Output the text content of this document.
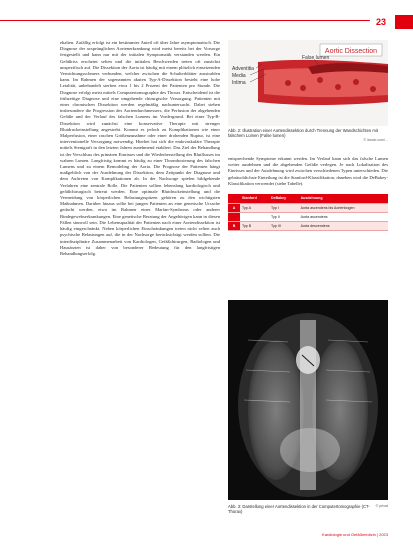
23

ehalten. Zufällig erfolgt ist ein bestimmter Anteil oft über Jahre asymptomatisch. Die Diagnose der ursprünglichen Aortenerkrankung wird meist bereits bei der Vorsorge festgestellt und kann nur mit der initialen Symptomatik verstanden werden. Ein Gefäßriss erscheint selten und die initialen Beschwerden treten oft zunächst unspezifisch auf. Die Dissektion der Aorta ist häufig mit einem plötzlich einsetzenden Vernichtungsschmerz verbunden, welcher zwischen die Schulterblätter ausstrahlen kann. Im Rahmen der sogenannten akuten Typ-A-Dissektion besteht eine hohe Letalität, unbehandelt sterben etwa 1 bis 2 Prozent der Patienten pro Stunde. Die Diagnose erfolgt meist mittels Computertomographie des Thorax. Entscheidend ist die frühzeitige Diagnose und eine umgehende chirurgische Versorgung. Patienten mit einer chronischen Dissektion werden regelmäßig nachuntersucht. Dabei stehen insbesondere die Progression des Aortendurchmessers, die Perfusion der abgehenden Gefäße und der Verlauf des falschen Lumens im Vordergrund. Bei einer Typ-B-Dissektion wird zunächst eine konservative Therapie mit strenger Blutdruckeinstellung angestrebt. Kommt es jedoch zu Komplikationen wie einer Malperfusion, einer raschen Größenzunahme oder einer drohenden Ruptur, ist eine interventionelle Versorgung notwendig. Hierbei hat sich die endovaskuläre Therapie mittels Stentgraft in den letzten Jahren zunehmend etabliert. Das Ziel der Behandlung ist der Verschluss des primären Einrisses und die Wiederherstellung des Blutflusses im wahren Lumen. Langfristig kommt es häufig zu einer Thrombosierung des falschen Lumens und zu einem Remodeling der Aorta. Die Prognose der Patienten hängt maßgeblich von der Ausdehnung der Dissektion, dem Zeitpunkt der Diagnose und dem Auftreten von Komplikationen ab. In der Nachsorge spielen bildgebende Verfahren eine zentrale Rolle. Die Patienten sollten lebenslang kardiologisch und gefäßchirurgisch betreut werden. Eine optimale Blutdruckeinstellung und die Vermeidung von körperlichen Belastungsspitzen gehören zu den wichtigsten Maßnahmen. Darüber hinaus sollte bei jungen Patienten an eine genetische Ursache gedacht werden, etwa im Rahmen eines Marfan-Syndroms oder anderer Bindegewebserkrankungen. Eine genetische Beratung der Angehörigen kann in diesen Fällen sinnvoll sein. Die Lebensqualität der Patienten nach einer Aortendissektion ist häufig eingeschränkt. Neben körperlichen Einschränkungen treten nicht selten auch psychische Belastungen auf, die in der Nachsorge berücksichtigt werden sollten. Die interdisziplinäre Zusammenarbeit von Kardiologen, Gefäßchirurgen, Radiologen und Hausärzten ist daher von besonderer Bedeutung für den langfristigen Behandlungserfolg.

Aortic Dissection
False lumen
Adventitia
Media
Intima
Abb. 2: Illustration einer Aortendissektion durch Trennung der Wandschichten mit falschem Lumen (False lumen)
© istock.com/...

entsprechende Symptome erkannt werden. Im Verlauf kann sich das falsche Lumen weiter ausdehnen und die abgehenden Gefäße verlegen. Je nach Lokalisation des Einrisses und der Ausdehnung wird zwischen verschiedenen Typen unterschieden. Die gebräuchlichste Einteilung ist die Stanford-Klassifikation, daneben wird die DeBakey-Klassifikation verwendet (siehe Tabelle).

	Stanford	DeBakey	Ausdehnung
A	Typ A	Typ I	Aorta ascendens bis Aortenbogen
		Typ II	Aorta ascendens
B	Typ B	Typ III	Aorta descendens
© privat
Abb. 3: Darstellung einer Aortendissektion in der Computertomographie (CT-Thorax)
Kardiologie und Gefäßmedizin | 2023
